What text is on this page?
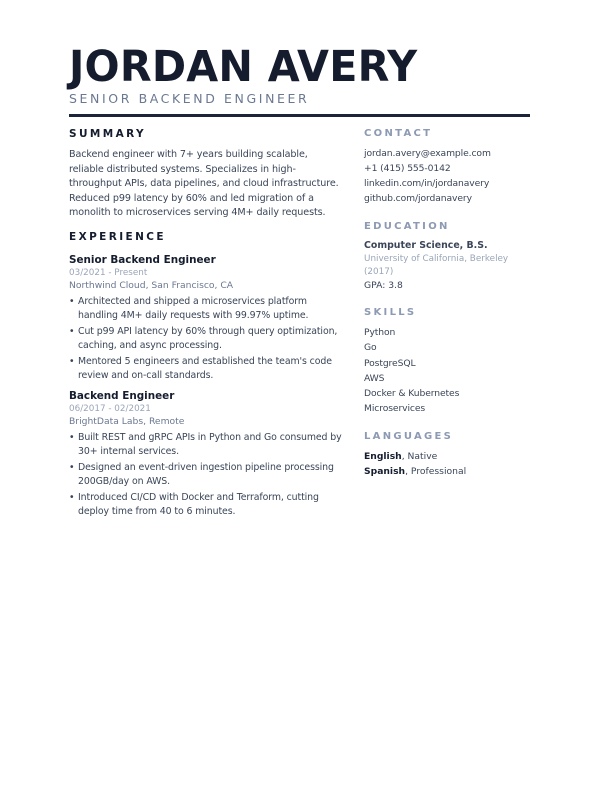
JORDAN AVERY
SENIOR BACKEND ENGINEER
SUMMARY

Backend engineer with 7+ years building scalable, reliable distributed systems. Specializes in high-throughput APIs, data pipelines, and cloud infrastructure. Reduced p99 latency by 60% and led migration of a monolith to microservices serving 4M+ daily requests.

EXPERIENCE
Senior Backend Engineer
03/2021 - Present
Northwind Cloud, San Francisco, CA
• Architected and shipped a microservices platform handling 4M+ daily requests with 99.97% uptime.
• Cut p99 API latency by 60% through query optimization, caching, and async processing.
• Mentored 5 engineers and established the team's code review and on-call standards.
Backend Engineer
06/2017 - 02/2021
BrightData Labs, Remote
• Built REST and gRPC APIs in Python and Go consumed by 30+ internal services.
• Designed an event-driven ingestion pipeline processing 200GB/day on AWS.
• Introduced CI/CD with Docker and Terraform, cutting deploy time from 40 to 6 minutes.
CONTACT
jordan.avery@example.com
+1 (415) 555-0142
linkedin.com/in/jordanavery
github.com/jordanavery
EDUCATION
Computer Science, B.S.
University of California, Berkeley (2017)
GPA: 3.8
SKILLS
Python
Go
PostgreSQL
AWS
Docker & Kubernetes
Microservices
LANGUAGES
English, Native
Spanish, Professional
